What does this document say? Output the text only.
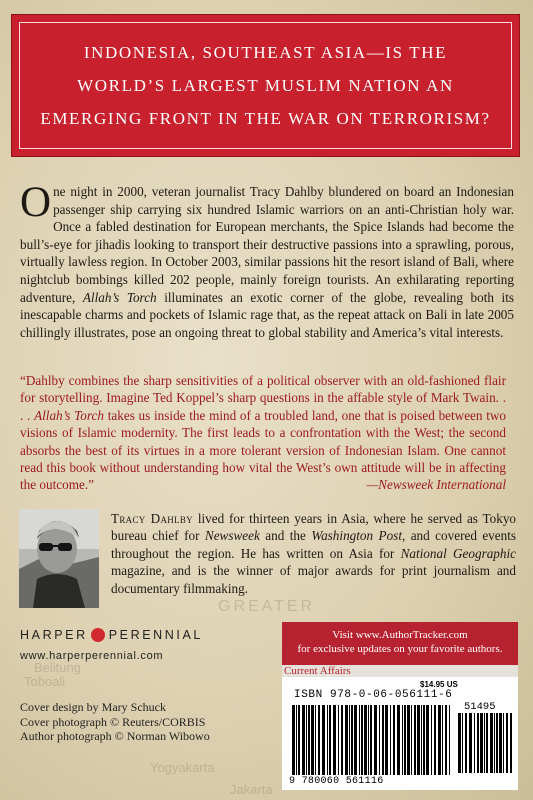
Belitung
Toboali
Jakarta
Yogyakarta
GREATER
INDONESIA, SOUTHEAST ASIA—IS THE
WORLD’S LARGEST MUSLIM NATION AN
EMERGING FRONT IN THE WAR ON TERRORISM?

One night in 2000, veteran journalist Tracy Dahlby blundered on board an Indonesian passenger ship carrying six hundred Islamic warriors on an anti-Christian holy war. Once a fabled destination for European merchants, the Spice Islands had become the bull’s-eye for jihadis looking to transport their destructive passions into a sprawling, porous, virtually lawless region. In October 2003, similar passions hit the resort island of Bali, where nightclub bombings killed 202 people, mainly foreign tourists. An exhilarating reporting adventure, Allah’s Torch illuminates an exotic corner of the globe, revealing both its inescapable charms and pockets of Islamic rage that, as the repeat attack on Bali in late 2005 chillingly illustrates, pose an ongoing threat to global stability and America’s vital interests.

“Dahlby combines the sharp sensitivities of a political observer with an old-fashioned flair for storytelling. Imagine Ted Koppel’s sharp questions in the affable style of Mark Twain. . . . Allah’s Torch takes us inside the mind of a troubled land, one that is poised between two visions of Islamic modernity. The first leads to a confrontation with the West; the second absorbs the best of its virtues in a more tolerant version of Indonesian Islam. One cannot read this book without understanding how vital the West’s own attitude will be in affecting the outcome.”	—Newsweek International

Tracy Dahlby lived for thirteen years in Asia, where he served as Tokyo bureau chief for Newsweek and the Washington Post, and covered events throughout the region. He has written on Asia for National Geographic magazine, and is the winner of major awards for print journalism and documentary filmmaking.

HARPER PERENNIAL
www.harperperennial.com
Cover design by Mary Schuck
Cover photograph © Reuters/CORBIS
Author photograph © Norman Wibowo
Visit www.AuthorTracker.com
for exclusive updates on your favorite authors.
Current Affairs
$14.95 US
ISBN 978-0-06-056111-6
51495
9 780060 561116
